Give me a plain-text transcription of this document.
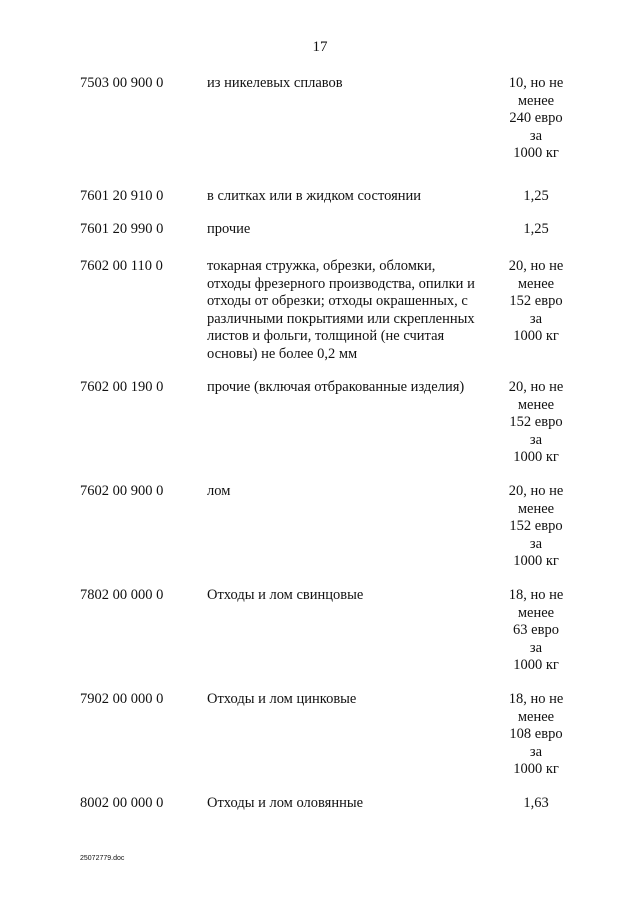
17
7503 00 900 0	из никелевых сплавов	10, но не
менее
240 евро
за
1000 кг
7601 20 910 0	в слитках или в жидком состоянии	1,25
7601 20 990 0	прочие	1,25
7602 00 110 0	токарная стружка, обрезки, обломки,
отходы фрезерного производства, опилки и
отходы от обрезки; отходы окрашенных, с
различными покрытиями или скрепленных
листов и фольги, толщиной (не считая
основы) не более 0,2 мм
20, но не
менее
152 евро
за
1000 кг
7602 00 190 0	прочие (включая отбракованные изделия)	20, но не
менее
152 евро
за
1000 кг
7602 00 900 0	лом	20, но не
менее
152 евро
за
1000 кг
7802 00 000 0	Отходы и лом свинцовые	18, но не
менее
63 евро
за
1000 кг
7902 00 000 0	Отходы и лом цинковые	18, но не
менее
108 евро
за
1000 кг
8002 00 000 0	Отходы и лом оловянные	1,63
25072779.doc
